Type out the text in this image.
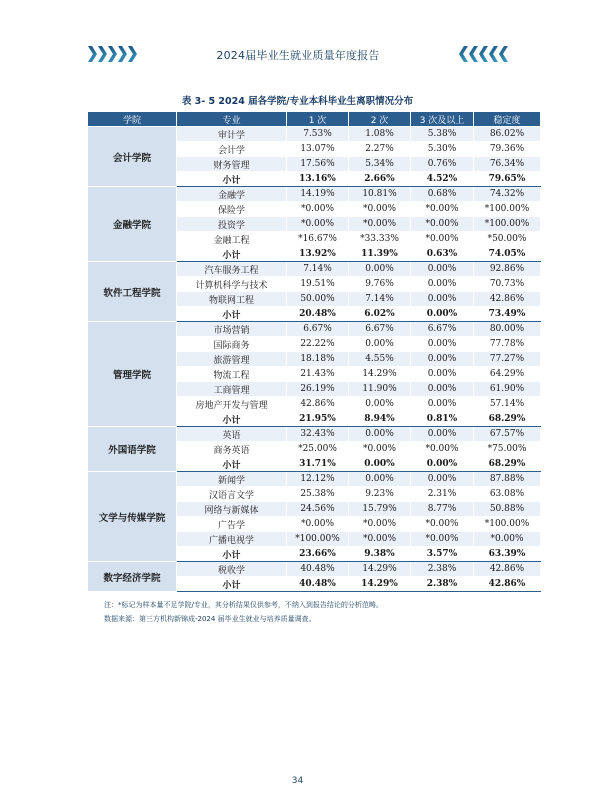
2024届毕业生就业质量年度报告
表 3- 5 2024 届各学院/专业本科毕业生离职情况分布
学院	专业	1 次	2 次	3 次及以上	稳定度
会计学院	审计学	7.53%	1.08%	5.38%	86.02%
	会计学	13.07%	2.27%	5.30%	79.36%
	财务管理	17.56%	5.34%	0.76%	76.34%
	小计	13.16%	2.66%	4.52%	79.65%
金融学院	金融学	14.19%	10.81%	0.68%	74.32%
	保险学	*0.00%	*0.00%	*0.00%	*100.00%
	投资学	*0.00%	*0.00%	*0.00%	*100.00%
	金融工程	*16.67%	*33.33%	*0.00%	*50.00%
	小计	13.92%	11.39%	0.63%	74.05%
软件工程学院	汽车服务工程	7.14%	0.00%	0.00%	92.86%
	计算机科学与技术	19.51%	9.76%	0.00%	70.73%
	物联网工程	50.00%	7.14%	0.00%	42.86%
	小计	20.48%	6.02%	0.00%	73.49%
管理学院	市场营销	6.67%	6.67%	6.67%	80.00%
	国际商务	22.22%	0.00%	0.00%	77.78%
	旅游管理	18.18%	4.55%	0.00%	77.27%
	物流工程	21.43%	14.29%	0.00%	64.29%
	工商管理	26.19%	11.90%	0.00%	61.90%
	房地产开发与管理	42.86%	0.00%	0.00%	57.14%
	小计	21.95%	8.94%	0.81%	68.29%
外国语学院	英语	32.43%	0.00%	0.00%	67.57%
	商务英语	*25.00%	*0.00%	*0.00%	*75.00%
	小计	31.71%	0.00%	0.00%	68.29%
文学与传媒学院	新闻学	12.12%	0.00%	0.00%	87.88%
	汉语言文学	25.38%	9.23%	2.31%	63.08%
	网络与新媒体	24.56%	15.79%	8.77%	50.88%
	广告学	*0.00%	*0.00%	*0.00%	*100.00%
	广播电视学	*100.00%	*0.00%	*0.00%	*0.00%
	小计	23.66%	9.38%	3.57%	63.39%
数字经济学院	税收学	40.48%	14.29%	2.38%	42.86%
	小计	40.48%	14.29%	2.38%	42.86%
注：*标记为样本量不足学院/专业，其分析结果仅供参考，不纳入到报告结论的分析范畴。
数据来源：第三方机构新锦成-2024 届毕业生就业与培养质量调查。
34
